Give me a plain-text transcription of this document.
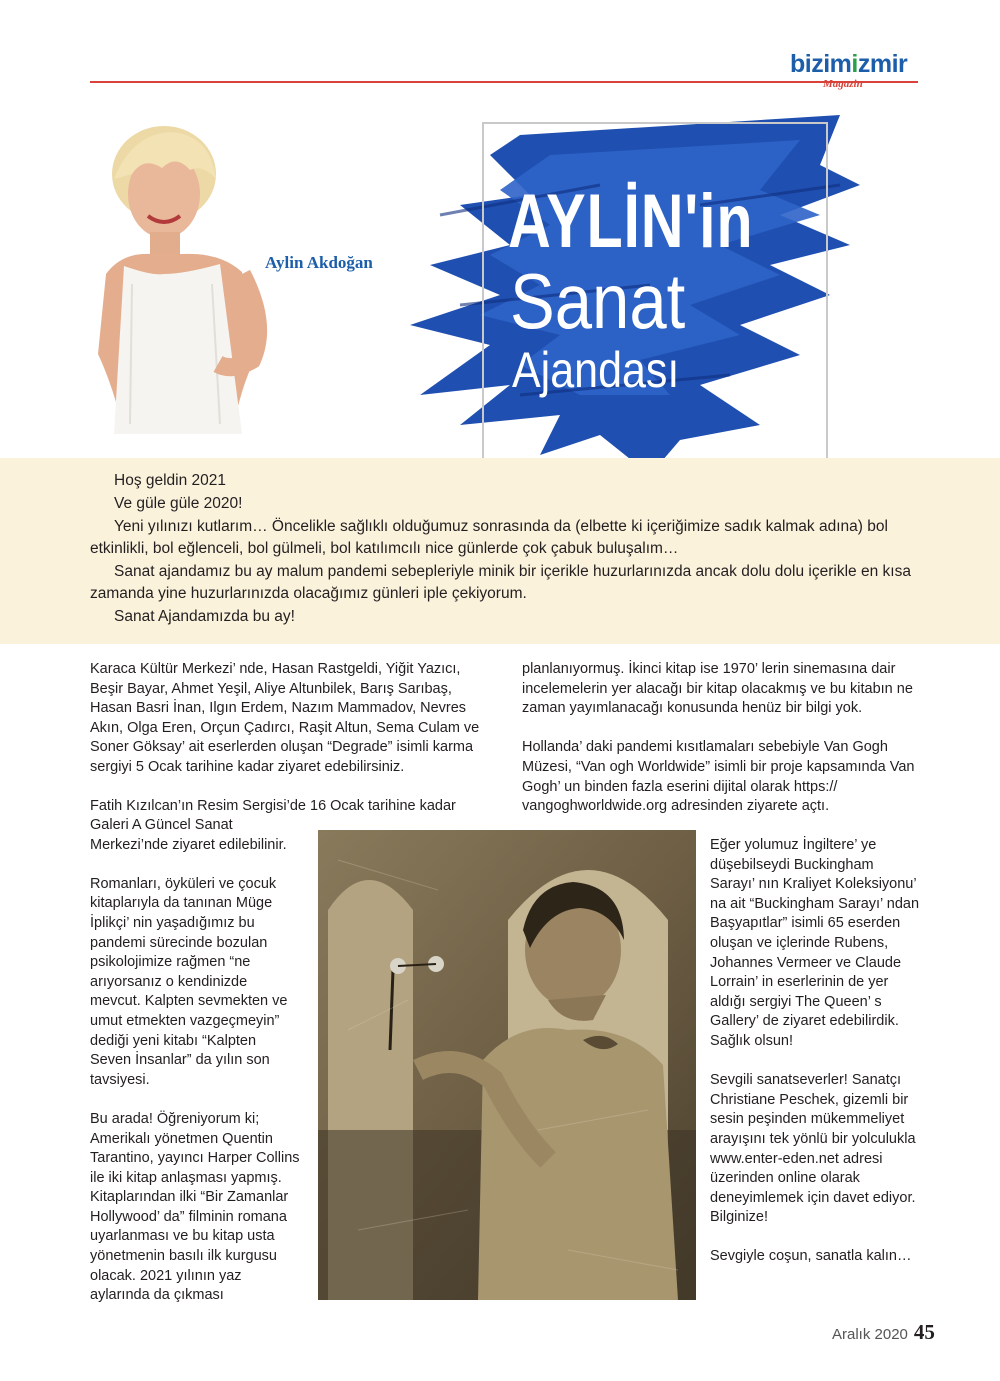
bizimizmir
Magazin
Aylin Akdoğan AYLİN'in
Sanat
Ajandası

Hoş geldin 2021

Ve güle güle 2020!

Yeni yılınızı kutlarım… Öncelikle sağlıklı olduğumuz sonrasında da (elbette ki içeriğimize sadık kalmak adına) bol etkinlikli, bol eğlenceli, bol gülmeli, bol katılımcılı nice günlerde çok çabuk buluşalım…

Sanat ajandamız bu ay malum pandemi sebepleriyle minik bir içerikle huzurlarınızda ancak dolu dolu içerikle en kısa zamanda yine huzurlarınızda olacağımız günleri iple çekiyorum.

Sanat Ajandamızda bu ay!

Karaca Kültür Merkezi’ nde, Hasan Rastgeldi, Yiğit Yazıcı, Beşir Bayar, Ahmet Yeşil, Aliye Altunbilek, Barış Sarıbaş, Hasan Basri İnan, Ilgın Erdem, Nazım Mammadov, Nevres Akın, Olga Eren, Orçun Çadırcı, Raşit Altun, Sema Culam ve Soner Göksay’ ait eserlerden oluşan “Degrade” isimli karma sergiyi 5 Ocak tarihine kadar ziyaret edebilirsiniz.

Fatih Kızılcan’ın Resim Sergisi’de 16 Ocak tarihine kadar

Galeri A Güncel Sanat Merkezi’nde ziyaret edilebilinir.

Romanları, öyküleri ve çocuk kitaplarıyla da tanınan Müge İplikçi’ nin yaşadığımız bu pandemi sürecinde bozulan psikolojimize rağmen “ne arıyorsanız o kendinizde mevcut. Kalpten sevmekten ve umut etmekten vazgeçmeyin” dediği yeni kitabı “Kalpten Seven İnsanlar” da yılın son tavsiyesi.

Bu arada! Öğreniyorum ki; Amerikalı yönetmen Quentin Tarantino, yayıncı Harper Collins ile iki kitap anlaşması yapmış. Kitaplarından ilki “Bir Zamanlar Hollywood’ da” filminin romana uyarlanması ve bu kitap usta yönetmenin basılı ilk kurgusu olacak. 2021 yılının yaz aylarında da çıkması

planlanıyormuş. İkinci kitap ise 1970’ lerin sinemasına dair incelemelerin yer alacağı bir kitap olacakmış ve bu kitabın ne zaman yayımlanacağı konusunda henüz bir bilgi yok.

Hollanda’ daki pandemi kısıtlamaları sebebiyle Van Gogh Müzesi, “Van ogh Worldwide” isimli bir proje kapsamında Van Gogh’ un binden fazla eserini dijital olarak https:// vangoghworldwide.org adresinden ziyarete açtı.

Eğer yolumuz İngiltere’ ye düşebilseydi Buckingham Sarayı’ nın Kraliyet Koleksiyonu’ na ait “Buckingham Sarayı’ ndan Başyapıtlar” isimli 65 eserden oluşan ve içlerinde Rubens, Johannes Vermeer ve Claude Lorrain’ in eserlerinin de yer aldığı sergiyi The Queen’ s Gallery’ de ziyaret edebilirdik. Sağlık olsun!

Sevgili sanatseverler! Sanatçı Christiane Peschek, gizemli bir sesin peşinden mükemmeliyet arayışını tek yönlü bir yolculukla www.enter-eden.net adresi üzerinden online olarak deneyimlemek için davet ediyor. Bilginize!

Sevgiyle coşun, sanatla kalın…

Aralık 2020 45
